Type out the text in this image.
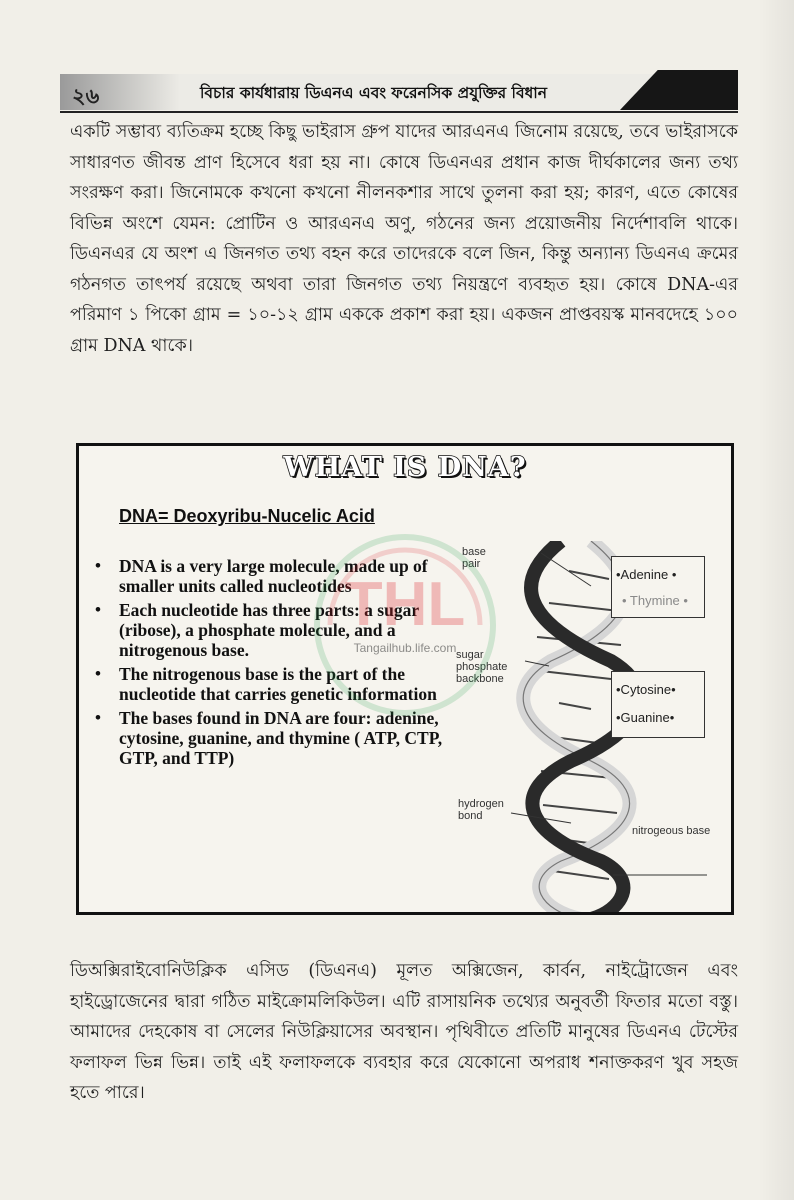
২৬	বিচার কার্যধারায় ডিএনএ এবং ফরেনসিক প্রযুক্তির বিধান

একটি সম্ভাব্য ব্যতিক্রম হচ্ছে কিছু ভাইরাস গ্রুপ যাদের আরএনএ জিনোম রয়েছে, তবে ভাইরাসকে সাধারণত জীবন্ত প্রাণ হিসেবে ধরা হয় না। কোষে ডিএনএর প্রধান কাজ দীর্ঘকালের জন্য তথ্য সংরক্ষণ করা। জিনোমকে কখনো কখনো নীলনকশার সাথে তুলনা করা হয়; কারণ, এতে কোষের বিভিন্ন অংশে যেমন: প্রোটিন ও আরএনএ অণু, গঠনের জন্য প্রয়োজনীয় নির্দেশাবলি থাকে। ডিএনএর যে অংশ এ জিনগত তথ্য বহন করে তাদেরকে বলে জিন, কিন্তু অন্যান্য ডিএনএ ক্রমের গঠনগত তাৎপর্য রয়েছে অথবা তারা জিনগত তথ্য নিয়ন্ত্রণে ব্যবহৃত হয়। কোষে DNA-এর পরিমাণ ১ পিকো গ্রাম = ১০-১২ গ্রাম এককে প্রকাশ করা হয়। একজন প্রাপ্তবয়স্ক মানবদেহে ১০০ গ্রাম DNA থাকে।

WHAT IS DNA?
DNA= Deoxyribu-Nucelic Acid
• DNA is a very large molecule, made up of smaller units called nucleotides
• Each nucleotide has three parts: a sugar (ribose), a phosphate molecule, and a nitrogenous base.
• The nitrogenous base is the part of the nucleotide that carries genetic information
• The bases found in DNA are four: adenine, cytosine, guanine, and thymine ( ATP, CTP, GTP, and TTP)
base pair
sugar phosphate backbone
hydrogen bond
nitrogeous base
•Adenine •
• Thymine •
•Cytosine•
•Guanine•
THL
Tangailhub.life.com

ডিঅক্সিরাইবোনিউক্লিক এসিড (ডিএনএ) মূলত অক্সিজেন, কার্বন, নাইট্রোজেন এবং হাইড্রোজেনের দ্বারা গঠিত মাইক্রোমলিকিউল। এটি রাসায়নিক তথ্যের অনুবর্তী ফিতার মতো বস্তু। আমাদের দেহকোষ বা সেলের নিউক্লিয়াসের অবস্থান। পৃথিবীতে প্রতিটি মানুষের ডিএনএ টেস্টের ফলাফল ভিন্ন ভিন্ন। তাই এই ফলাফলকে ব্যবহার করে যেকোনো অপরাধ শনাক্তকরণ খুব সহজ হতে পারে।
